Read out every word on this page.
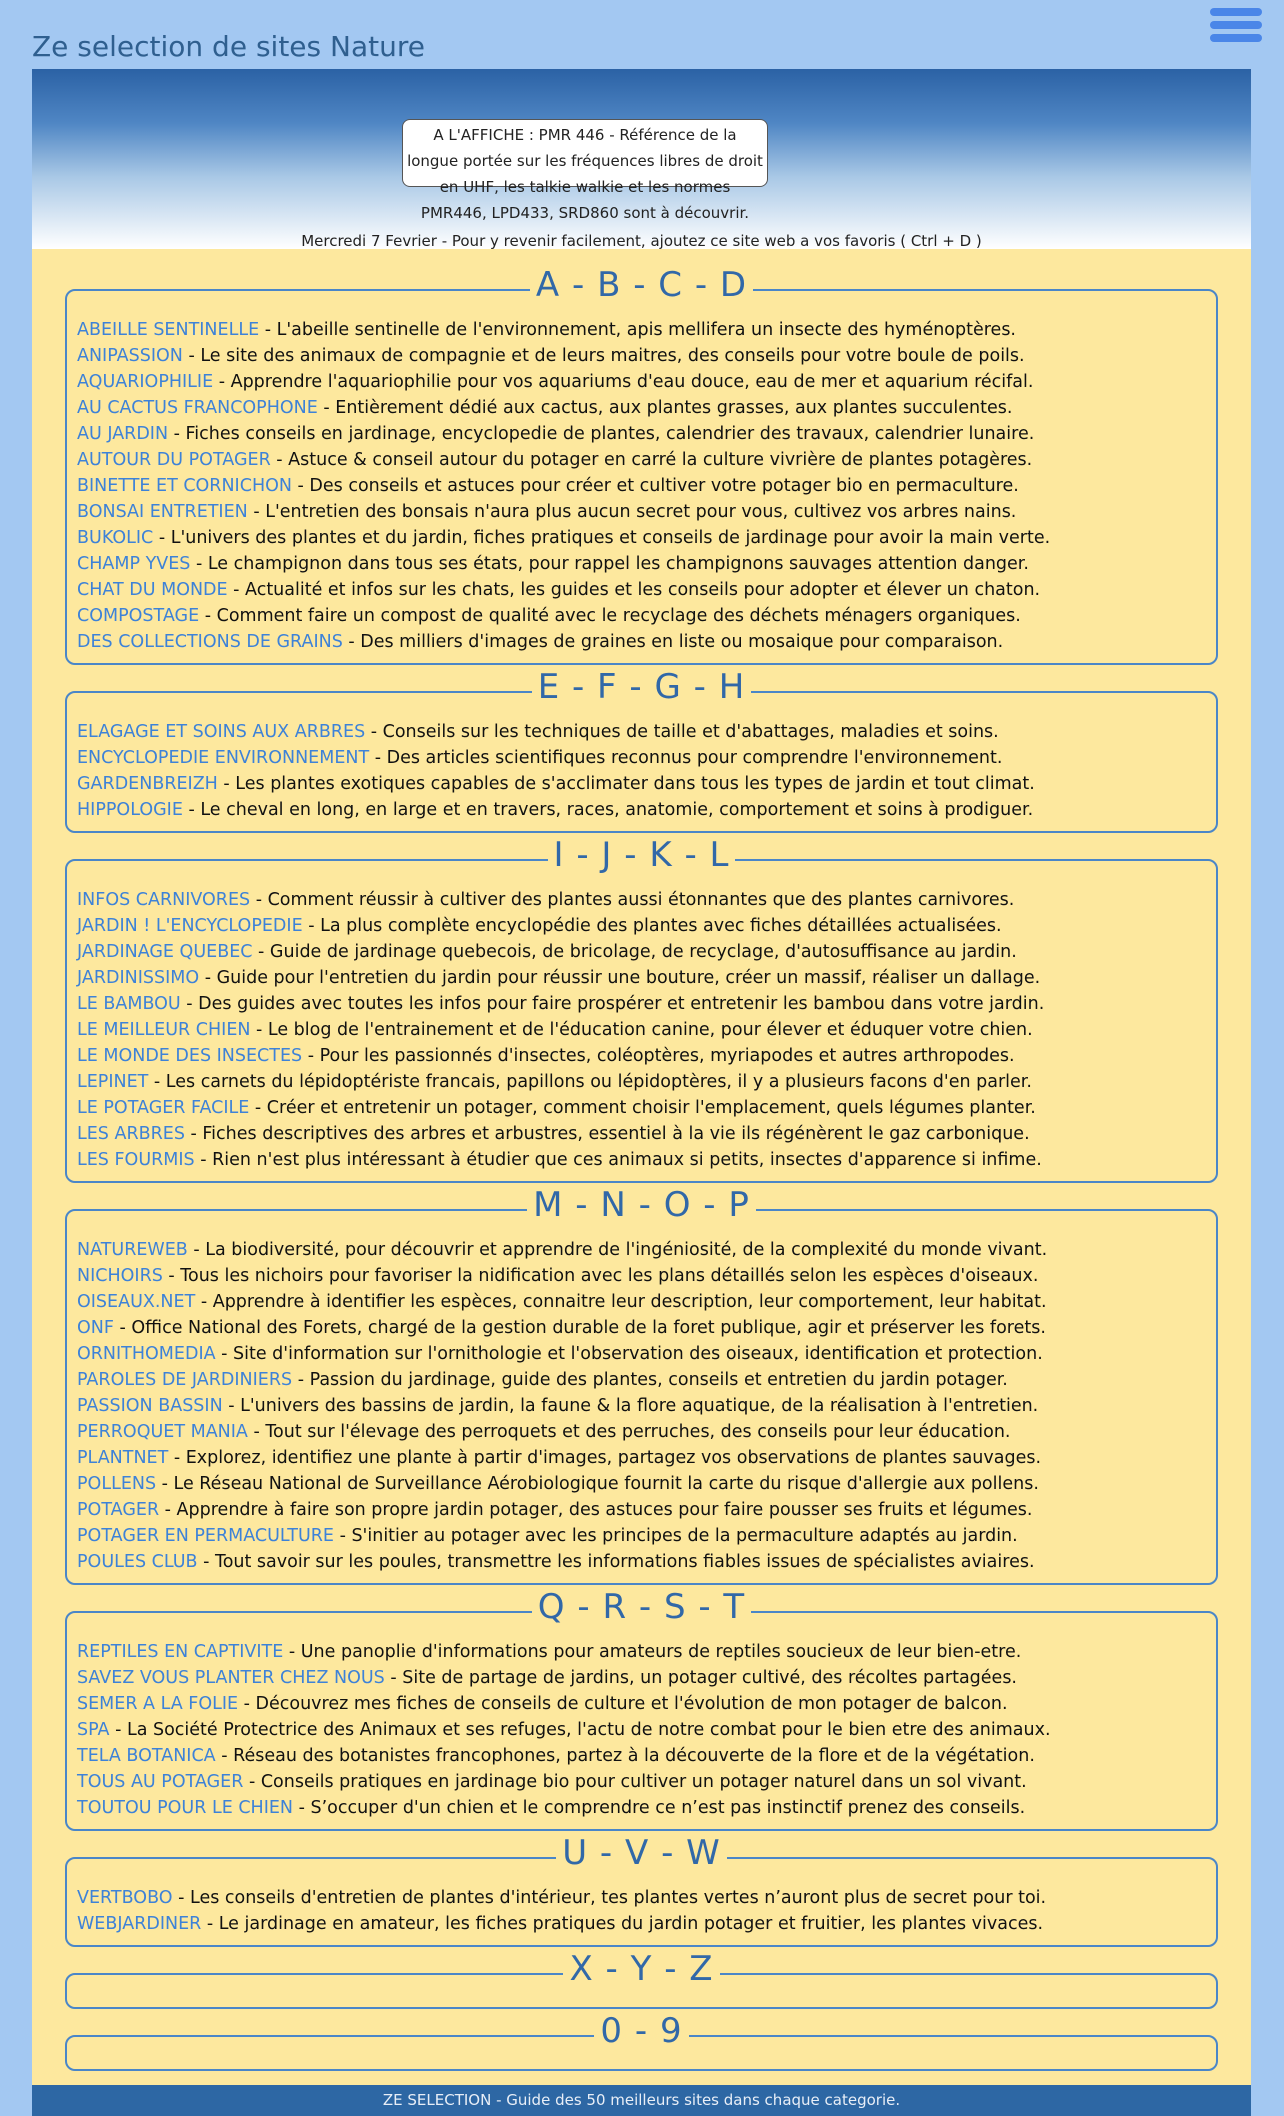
Ze selection de sites Nature
A L'AFFICHE : PMR 446 - Référence de la longue portée sur les fréquences libres de droit en UHF, les talkie walkie et les normes PMR446, LPD433, SRD860 sont à découvrir.
Mercredi 7 Fevrier - Pour y revenir facilement, ajoutez ce site web a vos favoris ( Ctrl + D )
A - B - C - D
ABEILLE SENTINELLE - L'abeille sentinelle de l'environnement, apis mellifera un insecte des hyménoptères.
ANIPASSION - Le site des animaux de compagnie et de leurs maitres, des conseils pour votre boule de poils.
AQUARIOPHILIE - Apprendre l'aquariophilie pour vos aquariums d'eau douce, eau de mer et aquarium récifal.
AU CACTUS FRANCOPHONE - Entièrement dédié aux cactus, aux plantes grasses, aux plantes succulentes.
AU JARDIN - Fiches conseils en jardinage, encyclopedie de plantes, calendrier des travaux, calendrier lunaire.
AUTOUR DU POTAGER - Astuce & conseil autour du potager en carré la culture vivrière de plantes potagères.
BINETTE ET CORNICHON - Des conseils et astuces pour créer et cultiver votre potager bio en permaculture.
BONSAI ENTRETIEN - L'entretien des bonsais n'aura plus aucun secret pour vous, cultivez vos arbres nains.
BUKOLIC - L'univers des plantes et du jardin, fiches pratiques et conseils de jardinage pour avoir la main verte.
CHAMP YVES - Le champignon dans tous ses états, pour rappel les champignons sauvages attention danger.
CHAT DU MONDE - Actualité et infos sur les chats, les guides et les conseils pour adopter et élever un chaton.
COMPOSTAGE - Comment faire un compost de qualité avec le recyclage des déchets ménagers organiques.
DES COLLECTIONS DE GRAINS - Des milliers d'images de graines en liste ou mosaique pour comparaison.
E - F - G - H
ELAGAGE ET SOINS AUX ARBRES - Conseils sur les techniques de taille et d'abattages, maladies et soins.
ENCYCLOPEDIE ENVIRONNEMENT - Des articles scientifiques reconnus pour comprendre l'environnement.
GARDENBREIZH - Les plantes exotiques capables de s'acclimater dans tous les types de jardin et tout climat.
HIPPOLOGIE - Le cheval en long, en large et en travers, races, anatomie, comportement et soins à prodiguer.
I - J - K - L
INFOS CARNIVORES - Comment réussir à cultiver des plantes aussi étonnantes que des plantes carnivores.
JARDIN ! L'ENCYCLOPEDIE - La plus complète encyclopédie des plantes avec fiches détaillées actualisées.
JARDINAGE QUEBEC - Guide de jardinage quebecois, de bricolage, de recyclage, d'autosuffisance au jardin.
JARDINISSIMO - Guide pour l'entretien du jardin pour réussir une bouture, créer un massif, réaliser un dallage.
LE BAMBOU - Des guides avec toutes les infos pour faire prospérer et entretenir les bambou dans votre jardin.
LE MEILLEUR CHIEN - Le blog de l'entrainement et de l'éducation canine, pour élever et éduquer votre chien.
LE MONDE DES INSECTES - Pour les passionnés d'insectes, coléoptères, myriapodes et autres arthropodes.
LEPINET - Les carnets du lépidoptériste francais, papillons ou lépidoptères, il y a plusieurs facons d'en parler.
LE POTAGER FACILE - Créer et entretenir un potager, comment choisir l'emplacement, quels légumes planter.
LES ARBRES - Fiches descriptives des arbres et arbustres, essentiel à la vie ils régénèrent le gaz carbonique.
LES FOURMIS - Rien n'est plus intéressant à étudier que ces animaux si petits, insectes d'apparence si infime.
M - N - O - P
NATUREWEB - La biodiversité, pour découvrir et apprendre de l'ingéniosité, de la complexité du monde vivant.
NICHOIRS - Tous les nichoirs pour favoriser la nidification avec les plans détaillés selon les espèces d'oiseaux.
OISEAUX.NET - Apprendre à identifier les espèces, connaitre leur description, leur comportement, leur habitat.
ONF - Office National des Forets, chargé de la gestion durable de la foret publique, agir et préserver les forets.
ORNITHOMEDIA - Site d'information sur l'ornithologie et l'observation des oiseaux, identification et protection.
PAROLES DE JARDINIERS - Passion du jardinage, guide des plantes, conseils et entretien du jardin potager.
PASSION BASSIN - L'univers des bassins de jardin, la faune & la flore aquatique, de la réalisation à l'entretien.
PERROQUET MANIA - Tout sur l'élevage des perroquets et des perruches, des conseils pour leur éducation.
PLANTNET - Explorez, identifiez une plante à partir d'images, partagez vos observations de plantes sauvages.
POLLENS - Le Réseau National de Surveillance Aérobiologique fournit la carte du risque d'allergie aux pollens.
POTAGER - Apprendre à faire son propre jardin potager, des astuces pour faire pousser ses fruits et légumes.
POTAGER EN PERMACULTURE - S'initier au potager avec les principes de la permaculture adaptés au jardin.
POULES CLUB - Tout savoir sur les poules, transmettre les informations fiables issues de spécialistes aviaires.
Q - R - S - T
REPTILES EN CAPTIVITE - Une panoplie d'informations pour amateurs de reptiles soucieux de leur bien-etre.
SAVEZ VOUS PLANTER CHEZ NOUS - Site de partage de jardins, un potager cultivé, des récoltes partagées.
SEMER A LA FOLIE - Découvrez mes fiches de conseils de culture et l'évolution de mon potager de balcon.
SPA - La Société Protectrice des Animaux et ses refuges, l'actu de notre combat pour le bien etre des animaux.
TELA BOTANICA - Réseau des botanistes francophones, partez à la découverte de la flore et de la végétation.
TOUS AU POTAGER - Conseils pratiques en jardinage bio pour cultiver un potager naturel dans un sol vivant.
TOUTOU POUR LE CHIEN - S’occuper d'un chien et le comprendre ce n’est pas instinctif prenez des conseils.
U - V - W
VERTBOBO - Les conseils d'entretien de plantes d'intérieur, tes plantes vertes n’auront plus de secret pour toi.
WEBJARDINER - Le jardinage en amateur, les fiches pratiques du jardin potager et fruitier, les plantes vivaces.
X - Y - Z
0 - 9
ZE SELECTION - Guide des 50 meilleurs sites dans chaque categorie.
